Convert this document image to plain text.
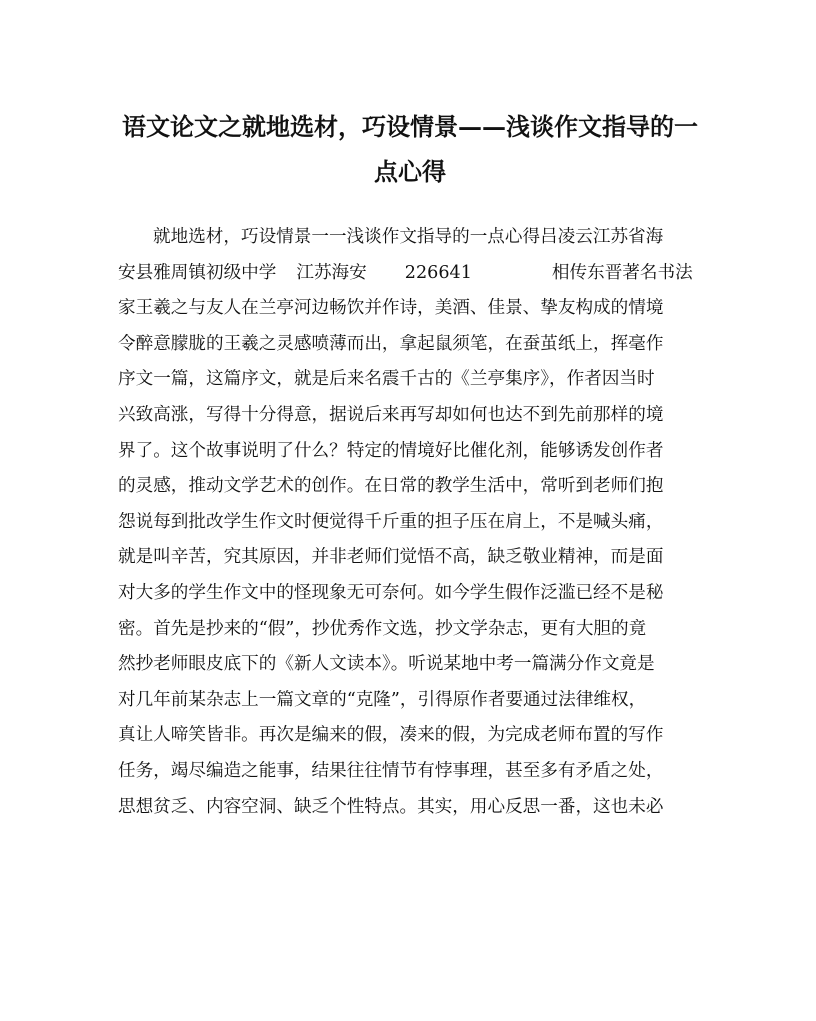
语文论文之就地选材，巧设情景——浅谈作文指导的一
点心得
就地选材，巧设情景一一浅谈作文指导的一点心得吕凌云江苏省海
安县雅周镇初级中学 江苏海安 226641	相传东晋著名书法
家王羲之与友人在兰亭河边畅饮并作诗，美酒、佳景、挚友构成的情境
令醉意朦胧的王羲之灵感喷薄而出，拿起鼠须笔，在蚕茧纸上，挥毫作
序文一篇，这篇序文，就是后来名震千古的《兰亭集序》，作者因当时
兴致高涨，写得十分得意，据说后来再写却如何也达不到先前那样的境
界了。这个故事说明了什么？特定的情境好比催化剂，能够诱发创作者
的灵感，推动文学艺术的创作。在日常的教学生活中，常听到老师们抱
怨说每到批改学生作文时便觉得千斤重的担子压在肩上，不是喊头痛，
就是叫辛苦，究其原因，并非老师们觉悟不高，缺乏敬业精神，而是面
对大多的学生作文中的怪现象无可奈何。如今学生假作泛滥已经不是秘
密。首先是抄来的“假”，抄优秀作文选，抄文学杂志，更有大胆的竟
然抄老师眼皮底下的《新人文读本》。听说某地中考一篇满分作文竟是
对几年前某杂志上一篇文章的“克隆”，引得原作者要通过法律维权，
真让人啼笑皆非。再次是编来的假，凑来的假，为完成老师布置的写作
任务，竭尽编造之能事，结果往往情节有悖事理，甚至多有矛盾之处，
思想贫乏、内容空洞、缺乏个性特点。其实，用心反思一番，这也未必
